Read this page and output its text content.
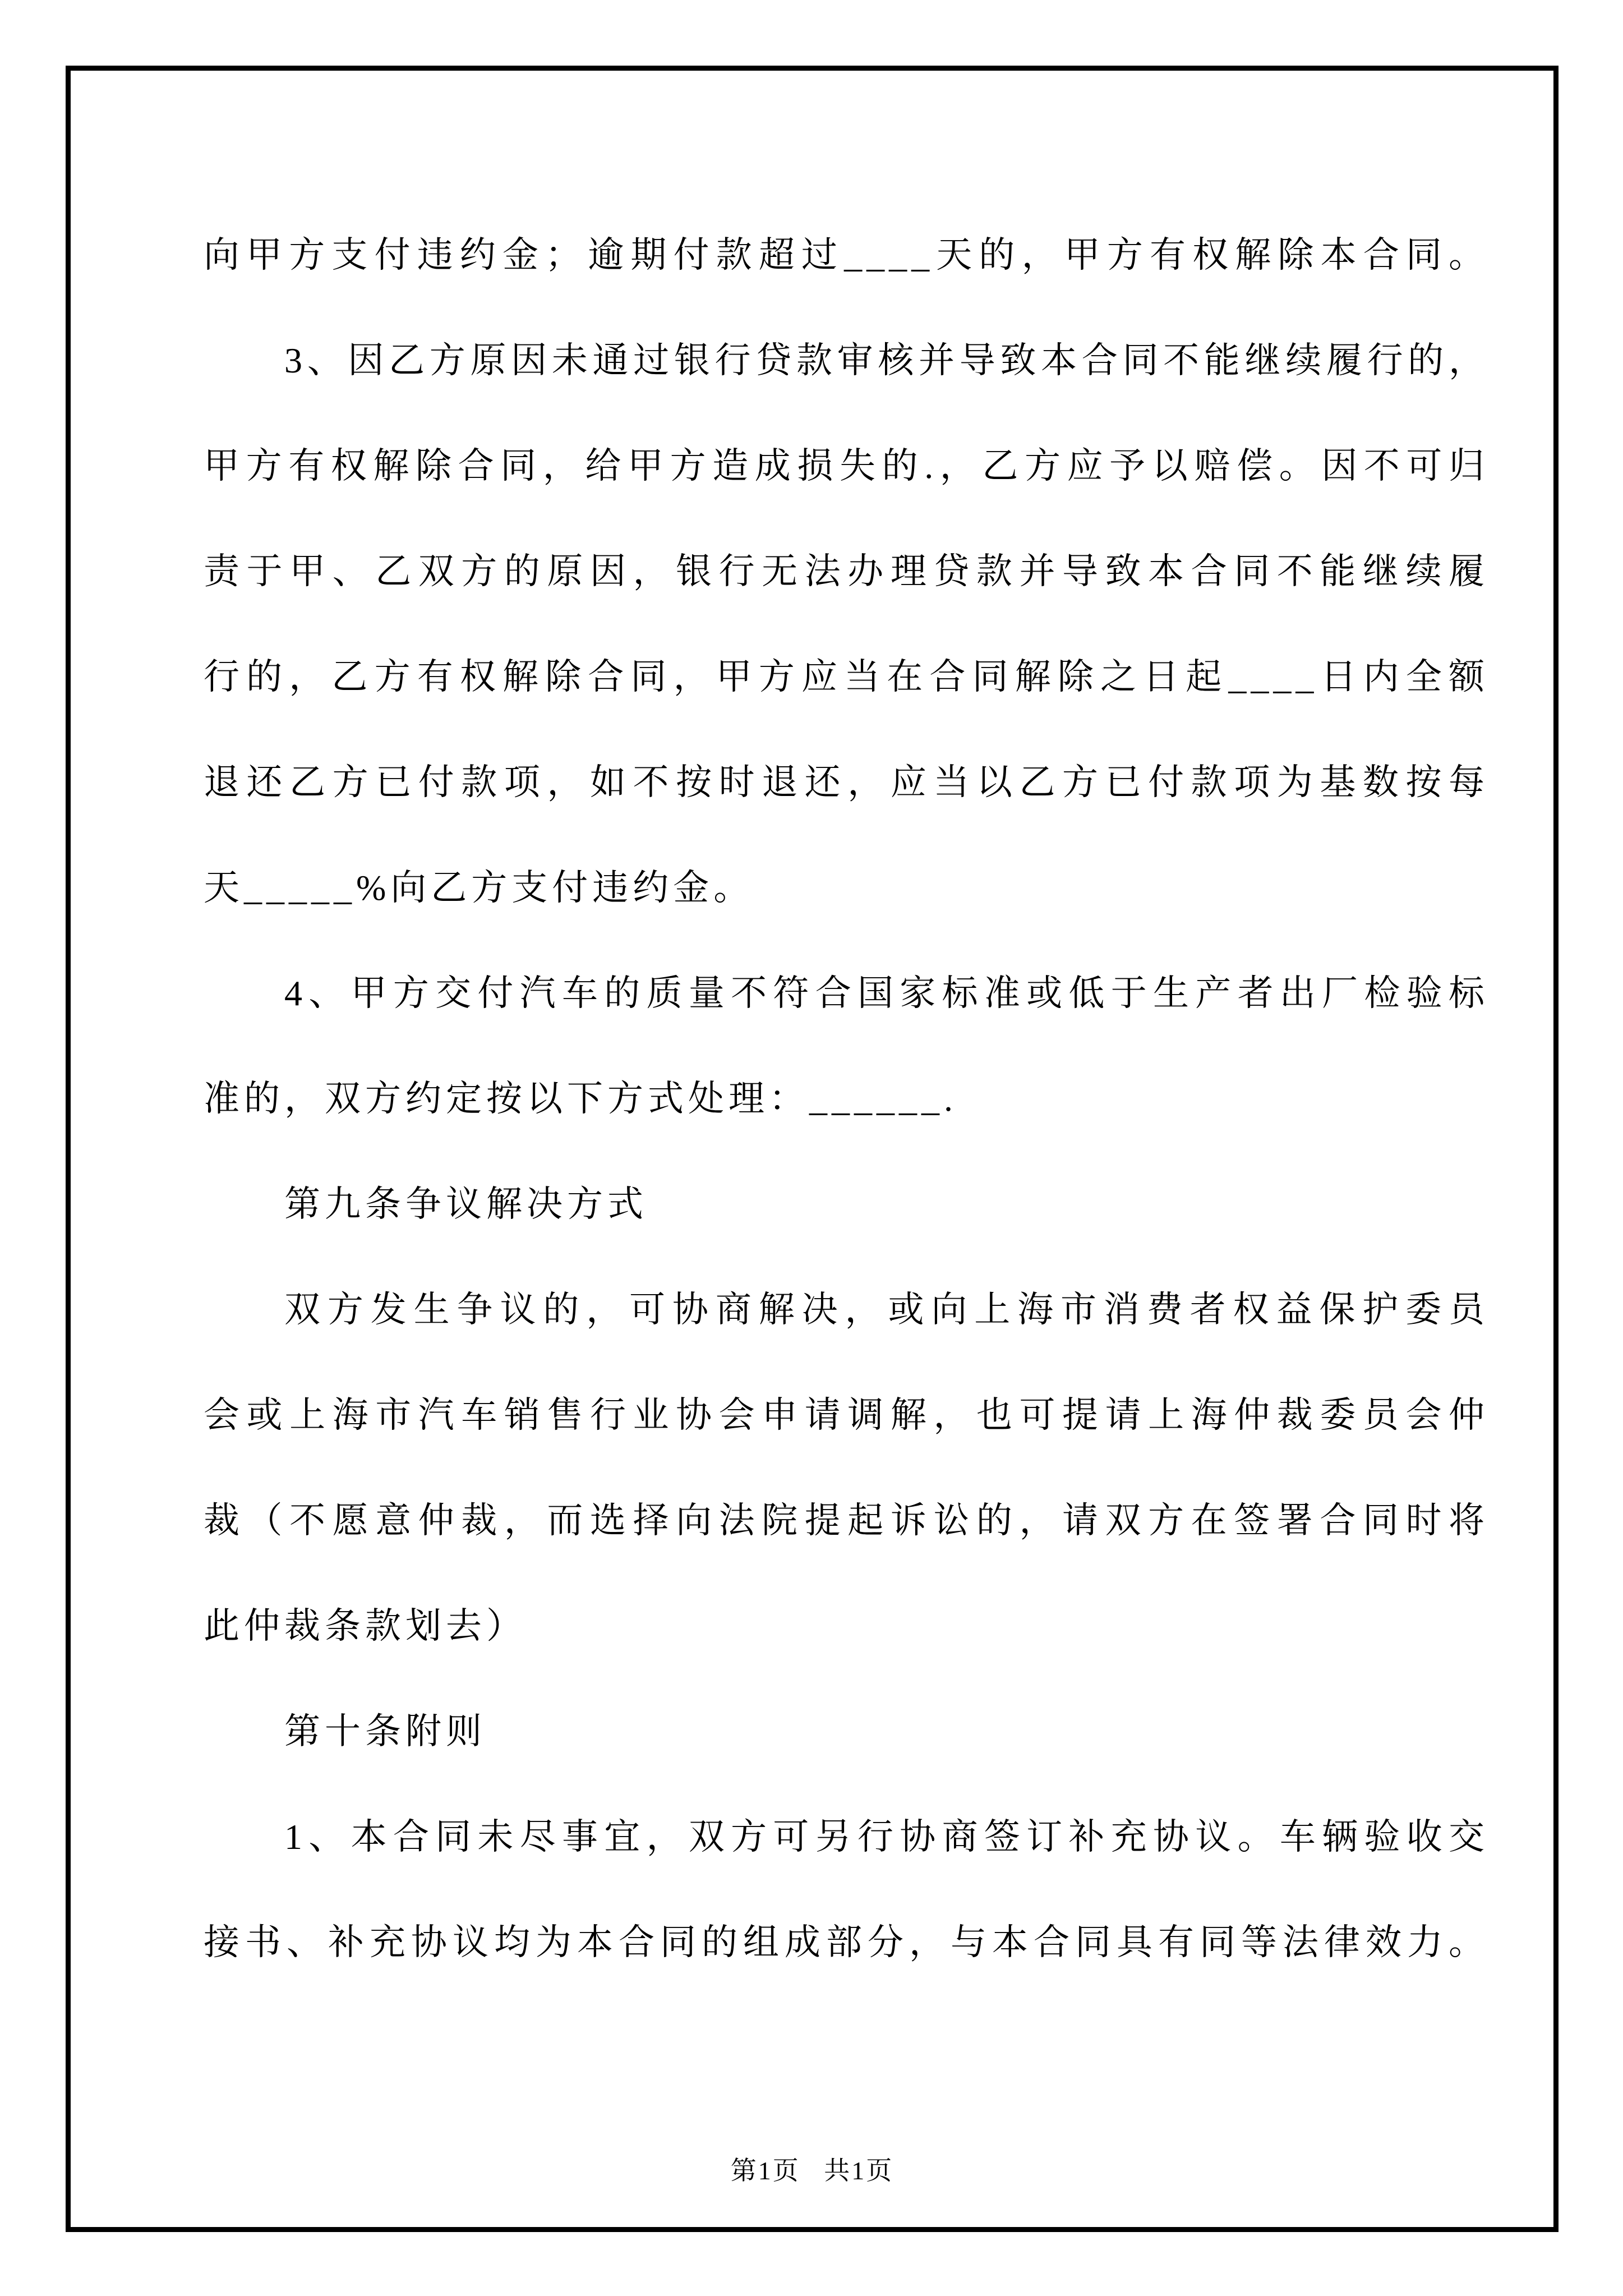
向甲方支付违约金；逾期付款超过____天的，甲方有权解除本合同。
3、因乙方原因未通过银行贷款审核并导致本合同不能继续履行的，
甲方有权解除合同，给甲方造成损失的.，乙方应予以赔偿。因不可归
责于甲、乙双方的原因，银行无法办理贷款并导致本合同不能继续履
行的，乙方有权解除合同，甲方应当在合同解除之日起____日内全额
退还乙方已付款项，如不按时退还，应当以乙方已付款项为基数按每
天_____%向乙方支付违约金。
4、甲方交付汽车的质量不符合国家标准或低于生产者出厂检验标
准的，双方约定按以下方式处理：______.
第九条争议解决方式
双方发生争议的，可协商解决，或向上海市消费者权益保护委员
会或上海市汽车销售行业协会申请调解，也可提请上海仲裁委员会仲
裁（不愿意仲裁，而选择向法院提起诉讼的，请双方在签署合同时将
此仲裁条款划去）
第十条附则
1、本合同未尽事宜，双方可另行协商签订补充协议。车辆验收交
接书、补充协议均为本合同的组成部分，与本合同具有同等法律效力。
第1页 共1页
